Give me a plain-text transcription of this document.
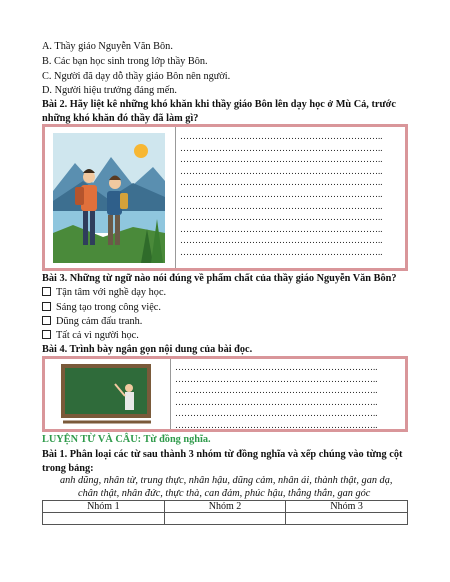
A. Thầy giáo Nguyễn Văn Bôn.
B. Các bạn học sinh trong lớp thầy Bôn.
C. Người đã dạy dỗ thầy giáo Bôn nên người.
D. Người hiệu trưởng đáng mến.
Bài 2. Hãy liệt kê những khó khăn khi thầy giáo Bôn lên dạy học ở Mù Cả, trước
những khó khăn đó thầy đã làm gì?
…………………………………………………………..
…………………………………………………………..
…………………………………………………………..
…………………………………………………………..
…………………………………………………………..
…………………………………………………………..
…………………………………………………………..
…………………………………………………………..
…………………………………………………………..
…………………………………………………………..
…………………………………………………………..
Bài 3. Những từ ngữ nào nói đúng về phẩm chất của thầy giáo Nguyễn Văn Bôn?
Tận tâm với nghề dạy học.
Sáng tạo trong công việc.
Dũng cảm đấu tranh.
Tất cả vì người học.
Bài 4. Trình bày ngắn gọn nội dung của bài đọc.
…………………………………………………………..
…………………………………………………………..
…………………………………………………………..
…………………………………………………………..
…………………………………………………………..
…………………………………………………………..
LUYỆN TỪ VÀ CÂU: Từ đồng nghĩa.
Bài 1. Phân loại các từ sau thành 3 nhóm từ đồng nghĩa và xếp chúng vào từng cột
trong bảng:
anh dũng, nhân từ, trung thực, nhân hậu, dũng cảm, nhân ái, thành thật, gan dạ,
chân thật, nhân đức, thực thà, can đảm, phúc hậu, thẳng thắn, gan góc
Nhóm 1	Nhóm 2	Nhóm 3
